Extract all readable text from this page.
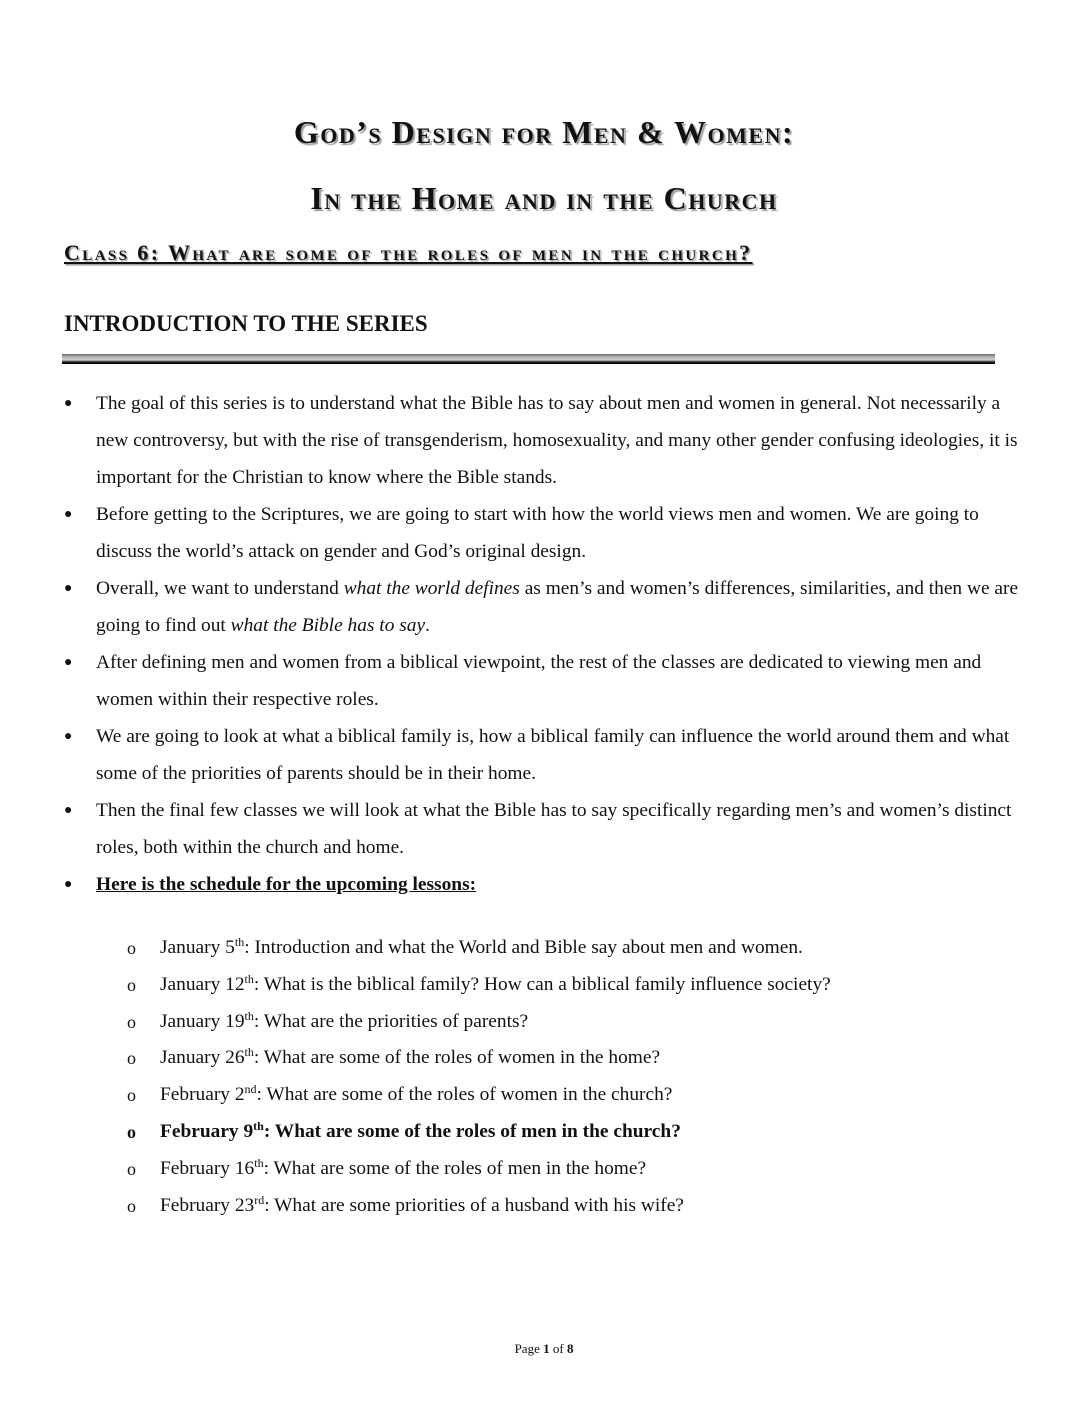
God’s Design for Men & Women:
In the Home and in the Church
Class 6: What are some of the roles of men in the church?
INTRODUCTION TO THE SERIES
● The goal of this series is to understand what the Bible has to say about men and women in general. Not necessarily a new controversy, but with the rise of transgenderism, homosexuality, and many other gender confusing ideologies, it is important for the Christian to know where the Bible stands.
● Before getting to the Scriptures, we are going to start with how the world views men and women. We are going to discuss the world’s attack on gender and God’s original design.
● Overall, we want to understand what the world defines as men’s and women’s differences, similarities, and then we are going to find out what the Bible has to say.
● After defining men and women from a biblical viewpoint, the rest of the classes are dedicated to viewing men and women within their respective roles.
● We are going to look at what a biblical family is, how a biblical family can influence the world around them and what some of the priorities of parents should be in their home.
● Then the final few classes we will look at what the Bible has to say specifically regarding men’s and women’s distinct roles, both within the church and home.
● Here is the schedule for the upcoming lessons:
o January 5th: Introduction and what the World and Bible say about men and women.
o January 12th: What is the biblical family? How can a biblical family influence society?
o January 19th: What are the priorities of parents?
o January 26th: What are some of the roles of women in the home?
o February 2nd: What are some of the roles of women in the church?
o February 9th: What are some of the roles of men in the church?
o February 16th: What are some of the roles of men in the home?
o February 23rd: What are some priorities of a husband with his wife?
Page 1 of 8
